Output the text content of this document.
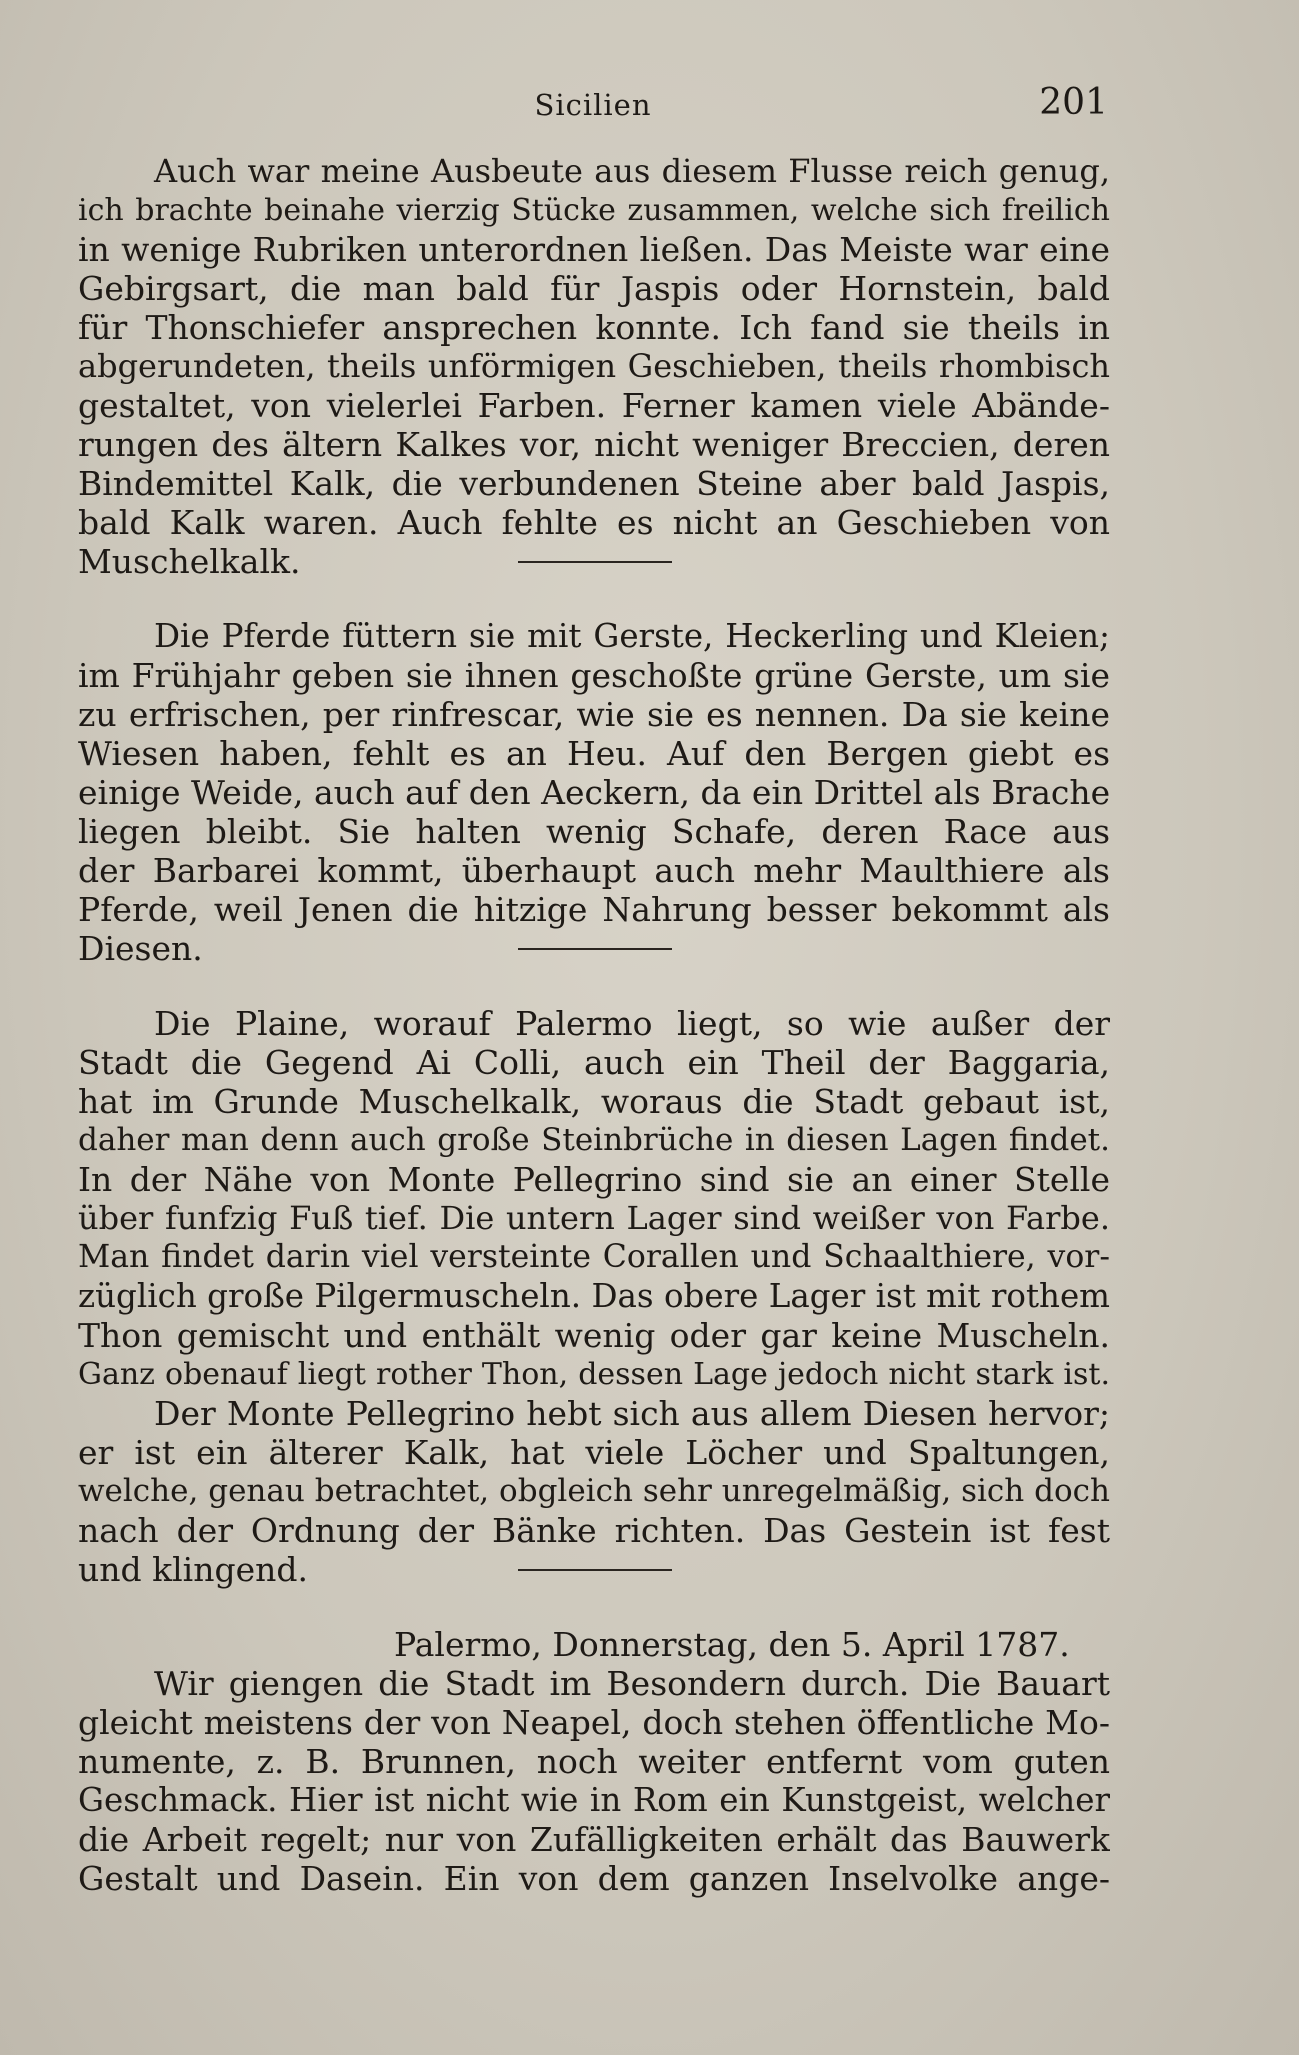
Sicilien	201
Auch war meine Ausbeute aus diesem Flusse reich genug,
ich brachte beinahe vierzig Stücke zusammen, welche sich freilich
in wenige Rubriken unterordnen ließen. Das Meiste war eine
Gebirgsart, die man bald für Jaspis oder Hornstein, bald
für Thonschiefer ansprechen konnte. Ich fand sie theils in
abgerundeten, theils unförmigen Geschieben, theils rhombisch
gestaltet, von vielerlei Farben. Ferner kamen viele Abände-
rungen des ältern Kalkes vor, nicht weniger Breccien, deren
Bindemittel Kalk, die verbundenen Steine aber bald Jaspis,
bald Kalk waren. Auch fehlte es nicht an Geschieben von
Muschelkalk.
Die Pferde füttern sie mit Gerste, Heckerling und Kleien;
im Frühjahr geben sie ihnen geschoßte grüne Gerste, um sie
zu erfrischen, per rinfrescar, wie sie es nennen. Da sie keine
Wiesen haben, fehlt es an Heu. Auf den Bergen giebt es
einige Weide, auch auf den Aeckern, da ein Drittel als Brache
liegen bleibt. Sie halten wenig Schafe, deren Race aus
der Barbarei kommt, überhaupt auch mehr Maulthiere als
Pferde, weil Jenen die hitzige Nahrung besser bekommt als
Diesen.
Die Plaine, worauf Palermo liegt, so wie außer der
Stadt die Gegend Ai Colli, auch ein Theil der Baggaria,
hat im Grunde Muschelkalk, woraus die Stadt gebaut ist,
daher man denn auch große Steinbrüche in diesen Lagen findet.
In der Nähe von Monte Pellegrino sind sie an einer Stelle
über funfzig Fuß tief. Die untern Lager sind weißer von Farbe.
Man findet darin viel versteinte Corallen und Schaalthiere, vor-
züglich große Pilgermuscheln. Das obere Lager ist mit rothem
Thon gemischt und enthält wenig oder gar keine Muscheln.
Ganz obenauf liegt rother Thon, dessen Lage jedoch nicht stark ist.
Der Monte Pellegrino hebt sich aus allem Diesen hervor;
er ist ein älterer Kalk, hat viele Löcher und Spaltungen,
welche, genau betrachtet, obgleich sehr unregelmäßig, sich doch
nach der Ordnung der Bänke richten. Das Gestein ist fest
und klingend.
Palermo, Donnerstag, den 5. April 1787.
Wir giengen die Stadt im Besondern durch. Die Bauart
gleicht meistens der von Neapel, doch stehen öffentliche Mo-
numente, z. B. Brunnen, noch weiter entfernt vom guten
Geschmack. Hier ist nicht wie in Rom ein Kunstgeist, welcher
die Arbeit regelt; nur von Zufälligkeiten erhält das Bauwerk
Gestalt und Dasein. Ein von dem ganzen Inselvolke ange-
